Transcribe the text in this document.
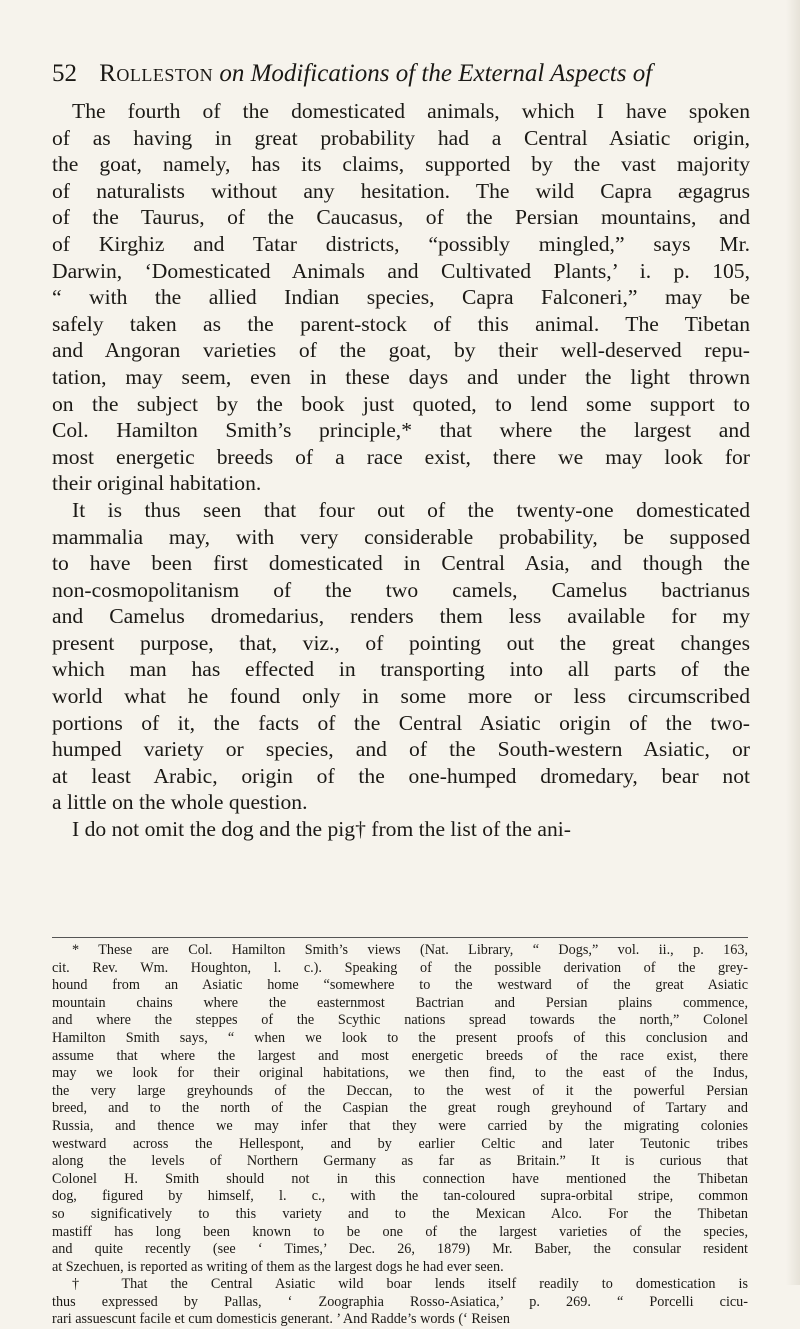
52 Rolleston on Modifications of the External Aspects of
The fourth of the domesticated animals, which I have spoken
of as having in great probability had a Central Asiatic origin,
the goat, namely, has its claims, supported by the vast majority
of naturalists without any hesitation. The wild Capra ægagrus
of the Taurus, of the Caucasus, of the Persian mountains, and
of Kirghiz and Tatar districts, “possibly mingled,” says Mr.
Darwin, ‘Domesticated Animals and Cultivated Plants,’ i. p. 105,
“ with the allied Indian species, Capra Falconeri,” may be
safely taken as the parent-stock of this animal. The Tibetan
and Angoran varieties of the goat, by their well-deserved repu-
tation, may seem, even in these days and under the light thrown
on the subject by the book just quoted, to lend some support to
Col. Hamilton Smith’s principle,* that where the largest and
most energetic breeds of a race exist, there we may look for
their original habitation.
It is thus seen that four out of the twenty-one domesticated
mammalia may, with very considerable probability, be supposed
to have been first domesticated in Central Asia, and though the
non-cosmopolitanism of the two camels, Camelus bactrianus
and Camelus dromedarius, renders them less available for my
present purpose, that, viz., of pointing out the great changes
which man has effected in transporting into all parts of the
world what he found only in some more or less circumscribed
portions of it, the facts of the Central Asiatic origin of the two-
humped variety or species, and of the South-western Asiatic, or
at least Arabic, origin of the one-humped dromedary, bear not
a little on the whole question.
I do not omit the dog and the pig† from the list of the ani-
* These are Col. Hamilton Smith’s views (Nat. Library, “ Dogs,” vol. ii., p. 163,
cit. Rev. Wm. Houghton, l. c.). Speaking of the possible derivation of the grey-
hound from an Asiatic home “somewhere to the westward of the great Asiatic
mountain chains where the easternmost Bactrian and Persian plains commence,
and where the steppes of the Scythic nations spread towards the north,” Colonel
Hamilton Smith says, “ when we look to the present proofs of this conclusion and
assume that where the largest and most energetic breeds of the race exist, there
may we look for their original habitations, we then find, to the east of the Indus,
the very large greyhounds of the Deccan, to the west of it the powerful Persian
breed, and to the north of the Caspian the great rough greyhound of Tartary and
Russia, and thence we may infer that they were carried by the migrating colonies
westward across the Hellespont, and by earlier Celtic and later Teutonic tribes
along the levels of Northern Germany as far as Britain.” It is curious that
Colonel H. Smith should not in this connection have mentioned the Thibetan
dog, figured by himself, l. c., with the tan-coloured supra-orbital stripe, common
so significatively to this variety and to the Mexican Alco. For the Thibetan
mastiff has long been known to be one of the largest varieties of the species,
and quite recently (see ‘ Times,’ Dec. 26, 1879) Mr. Baber, the consular resident
at Szechuen, is reported as writing of them as the largest dogs he had ever seen.
† That the Central Asiatic wild boar lends itself readily to domestication is
thus expressed by Pallas, ‘ Zoographia Rosso-Asiatica,’ p. 269. “ Porcelli cicu-
rari assuescunt facile et cum domesticis generant. ’ And Radde’s words (‘ Reisen
